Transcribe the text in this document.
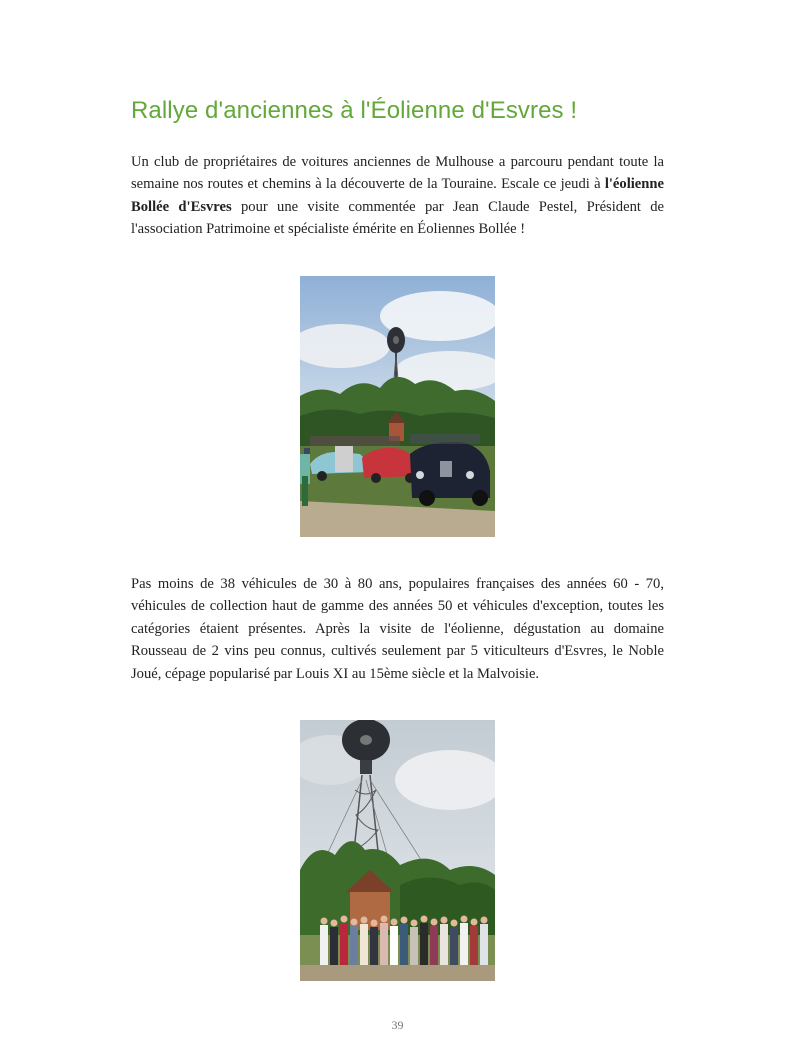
Rallye d'anciennes à l'Éolienne d'Esvres !

Un club de propriétaires de voitures anciennes de Mulhouse a parcouru pendant toute la semaine nos routes et chemins à la découverte de la Touraine. Escale ce jeudi à l'éolienne Bollée d'Esvres pour une visite commentée par Jean Claude Pestel, Président de l'association Patrimoine et spécialiste émérite en Éoliennes Bollée !

Pas moins de 38 véhicules de 30 à 80 ans, populaires françaises des années 60 - 70, véhicules de collection haut de gamme des années 50 et véhicules d'exception, toutes les catégories étaient présentes. Après la visite de l'éolienne, dégustation au domaine Rousseau de 2 vins peu connus, cultivés seulement par 5 viticulteurs d'Esvres, le Noble Joué, cépage popularisé par Louis XI au 15ème siècle et la Malvoisie.

39
